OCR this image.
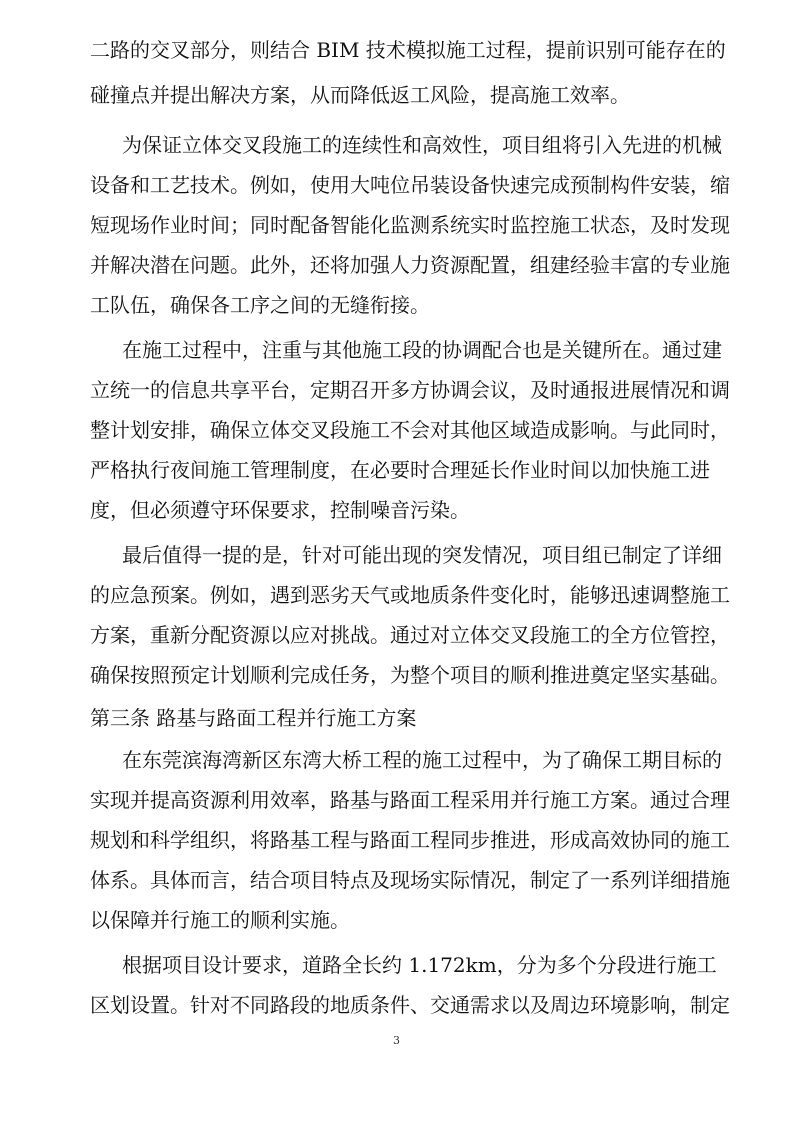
二路的交叉部分，则结合 BIM 技术模拟施工过程，提前识别可能存在的
碰撞点并提出解决方案，从而降低返工风险，提高施工效率。
为保证立体交叉段施工的连续性和高效性，项目组将引入先进的机械
设备和工艺技术。例如，使用大吨位吊装设备快速完成预制构件安装，缩
短现场作业时间；同时配备智能化监测系统实时监控施工状态，及时发现
并解决潜在问题。此外，还将加强人力资源配置，组建经验丰富的专业施
工队伍，确保各工序之间的无缝衔接。
在施工过程中，注重与其他施工段的协调配合也是关键所在。通过建
立统一的信息共享平台，定期召开多方协调会议，及时通报进展情况和调
整计划安排，确保立体交叉段施工不会对其他区域造成影响。与此同时，
严格执行夜间施工管理制度，在必要时合理延长作业时间以加快施工进
度，但必须遵守环保要求，控制噪音污染。
最后值得一提的是，针对可能出现的突发情况，项目组已制定了详细
的应急预案。例如，遇到恶劣天气或地质条件变化时，能够迅速调整施工
方案，重新分配资源以应对挑战。通过对立体交叉段施工的全方位管控，
确保按照预定计划顺利完成任务，为整个项目的顺利推进奠定坚实基础。
第三条 路基与路面工程并行施工方案
在东莞滨海湾新区东湾大桥工程的施工过程中，为了确保工期目标的
实现并提高资源利用效率，路基与路面工程采用并行施工方案。通过合理
规划和科学组织，将路基工程与路面工程同步推进，形成高效协同的施工
体系。具体而言，结合项目特点及现场实际情况，制定了一系列详细措施
以保障并行施工的顺利实施。
根据项目设计要求，道路全长约 1.172km，分为多个分段进行施工
区划设置。针对不同路段的地质条件、交通需求以及周边环境影响，制定
3
